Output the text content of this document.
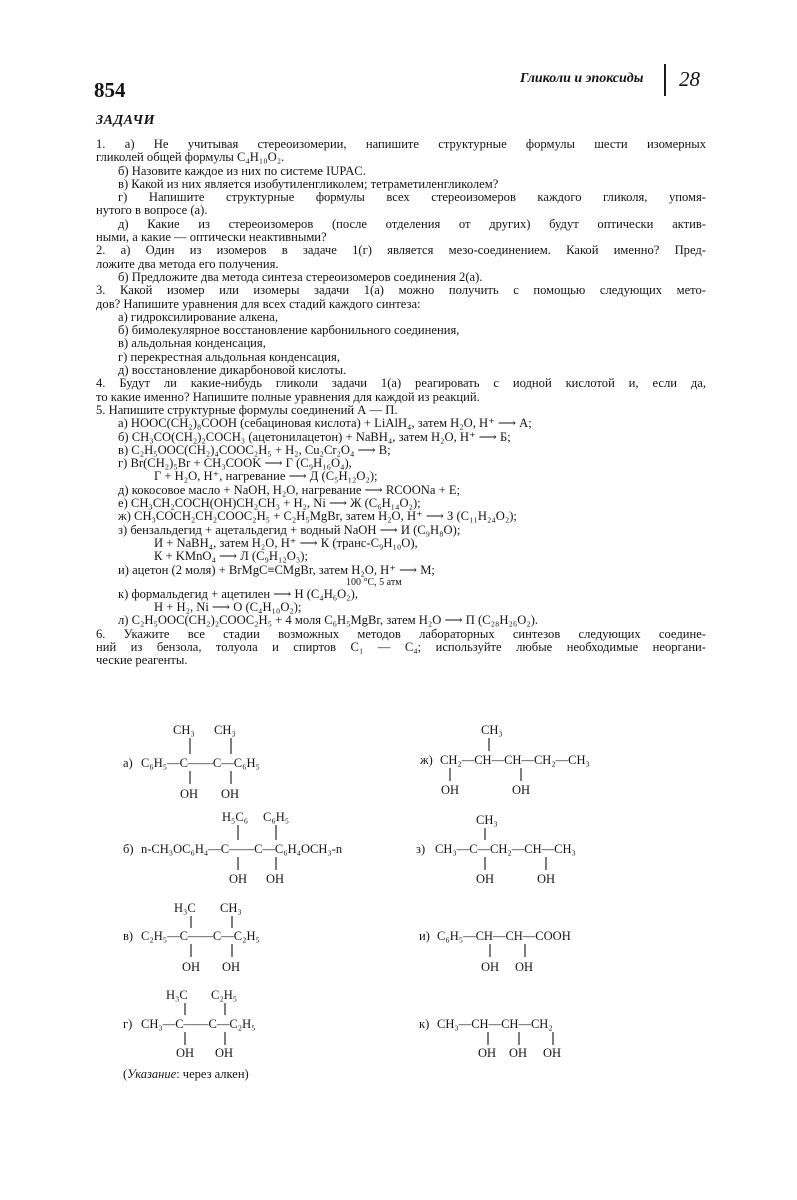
854	Гликоли и эпоксиды 28
ЗАДАЧИ
1. а) Не учитывая стереоизомерии, напишите структурные формулы шести изомерных
гликолей общей формулы C₄H₁₀O₂.
б) Назовите каждое из них по системе IUPAC.
в) Какой из них является изобутиленгликолем; тетраметиленгликолем?
г) Напишите структурные формулы всех стереоизомеров каждого гликоля, упомя-
нутого в вопросе (а).
д) Какие из стереоизомеров (после отделения от других) будут оптически актив-
ными, а какие — оптически неактивными?
2. а) Один из изомеров в задаче 1(г) является мезо-соединением. Какой именно? Пред-
ложите два метода его получения.
б) Предложите два метода синтеза стереоизомеров соединения 2(а).
3. Какой изомер или изомеры задачи 1(а) можно получить с помощью следующих мето-
дов? Напишите уравнения для всех стадий каждого синтеза:
а) гидроксилирование алкена,
б) бимолекулярное восстановление карбонильного соединения,
в) альдольная конденсация,
г) перекрестная альдольная конденсация,
д) восстановление дикарбоновой кислоты.
4. Будут ли какие-нибудь гликоли задачи 1(а) реагировать с иодной кислотой и, если да,
то какие именно? Напишите полные уравнения для каждой из реакций.
5. Напишите структурные формулы соединений А — П.
а) HOOC(CH₂)₈COOH (себациновая кислота) + LiAlH₄, затем H₂O, H⁺ ⟶ А;
б) CH₃CO(CH₂)₂COCH₃ (ацетонилацетон) + NaBH₄, затем H₂O, H⁺ ⟶ Б;
в) C₂H₅OOC(CH₂)₄COOC₂H₅ + H₂, Cu₂Cr₂O₄ ⟶ В;
г) Br(CH₂)₅Br + CH₃COOK ⟶ Г (C₉H₁₆O₄),
Г + H₂O, H⁺, нагревание ⟶ Д (C₅H₁₂O₂);
д) кокосовое масло + NaOH, H₂O, нагревание ⟶ RCOONa + Е;
е) CH₃CH₂COCH(OH)CH₂CH₃ + H₂, Ni ⟶ Ж (C₆H₁₄O₂);
ж) CH₃COCH₂CH₂COOC₂H₅ + C₂H₅MgBr, затем H₂O, H⁺ ⟶ З (C₁₁H₂₄O₂);
з) бензальдегид + ацетальдегид + водный NaOH ⟶ И (C₉H₈O);
И + NaBH₄, затем H₂O, H⁺ ⟶ К (транс-C₉H₁₀O),
К + KMnO₄ ⟶ Л (C₉H₁₂O₃);
и) ацетон (2 моля) + BrMgC≡CMgBr, затем H₂O, H⁺ ⟶ М;
100 °C, 5 атм
к) формальдегид + ацетилен ⟶ Н (C₄H₆O₂),
Н + H₂, Ni ⟶ О (C₄H₁₀O₂);
л) C₂H₅OOC(CH₂)₂COOC₂H₅ + 4 моля C₆H₅MgBr, затем H₂O ⟶ П (C₂₈H₂₆O₂).
6. Укажите все стадии возможных методов лабораторных синтезов следующих соедине-
ний из бензола, толуола и спиртов C₁ — C₄; используйте любые необходимые неоргани-
ческие реагенты.
а)
CH₃ CH₃
C₆H₅—C——C—C₆H₅
OH OH
б)
H₅C₆ C₆H₅
n-CH₃OC₆H₄—C——C—C₆H₄OCH₃-n
OH OH
в)
H₃C CH₃
C₂H₅—C——C—C₂H₅
OH OH
г)
H₃C C₂H₅
CH₃—C——C—C₂H₅
OH OH
ж)
CH₃
CH₂—CH—CH—CH₂—CH₃
OH	OH
з)
CH₃
CH₃—C—CH₂—CH—CH₃
OH	OH
и) C₆H₅—CH—CH—COOH
OH OH
к) CH₃—CH—CH—CH₂
OH OH OH
(Указание: через алкен)
